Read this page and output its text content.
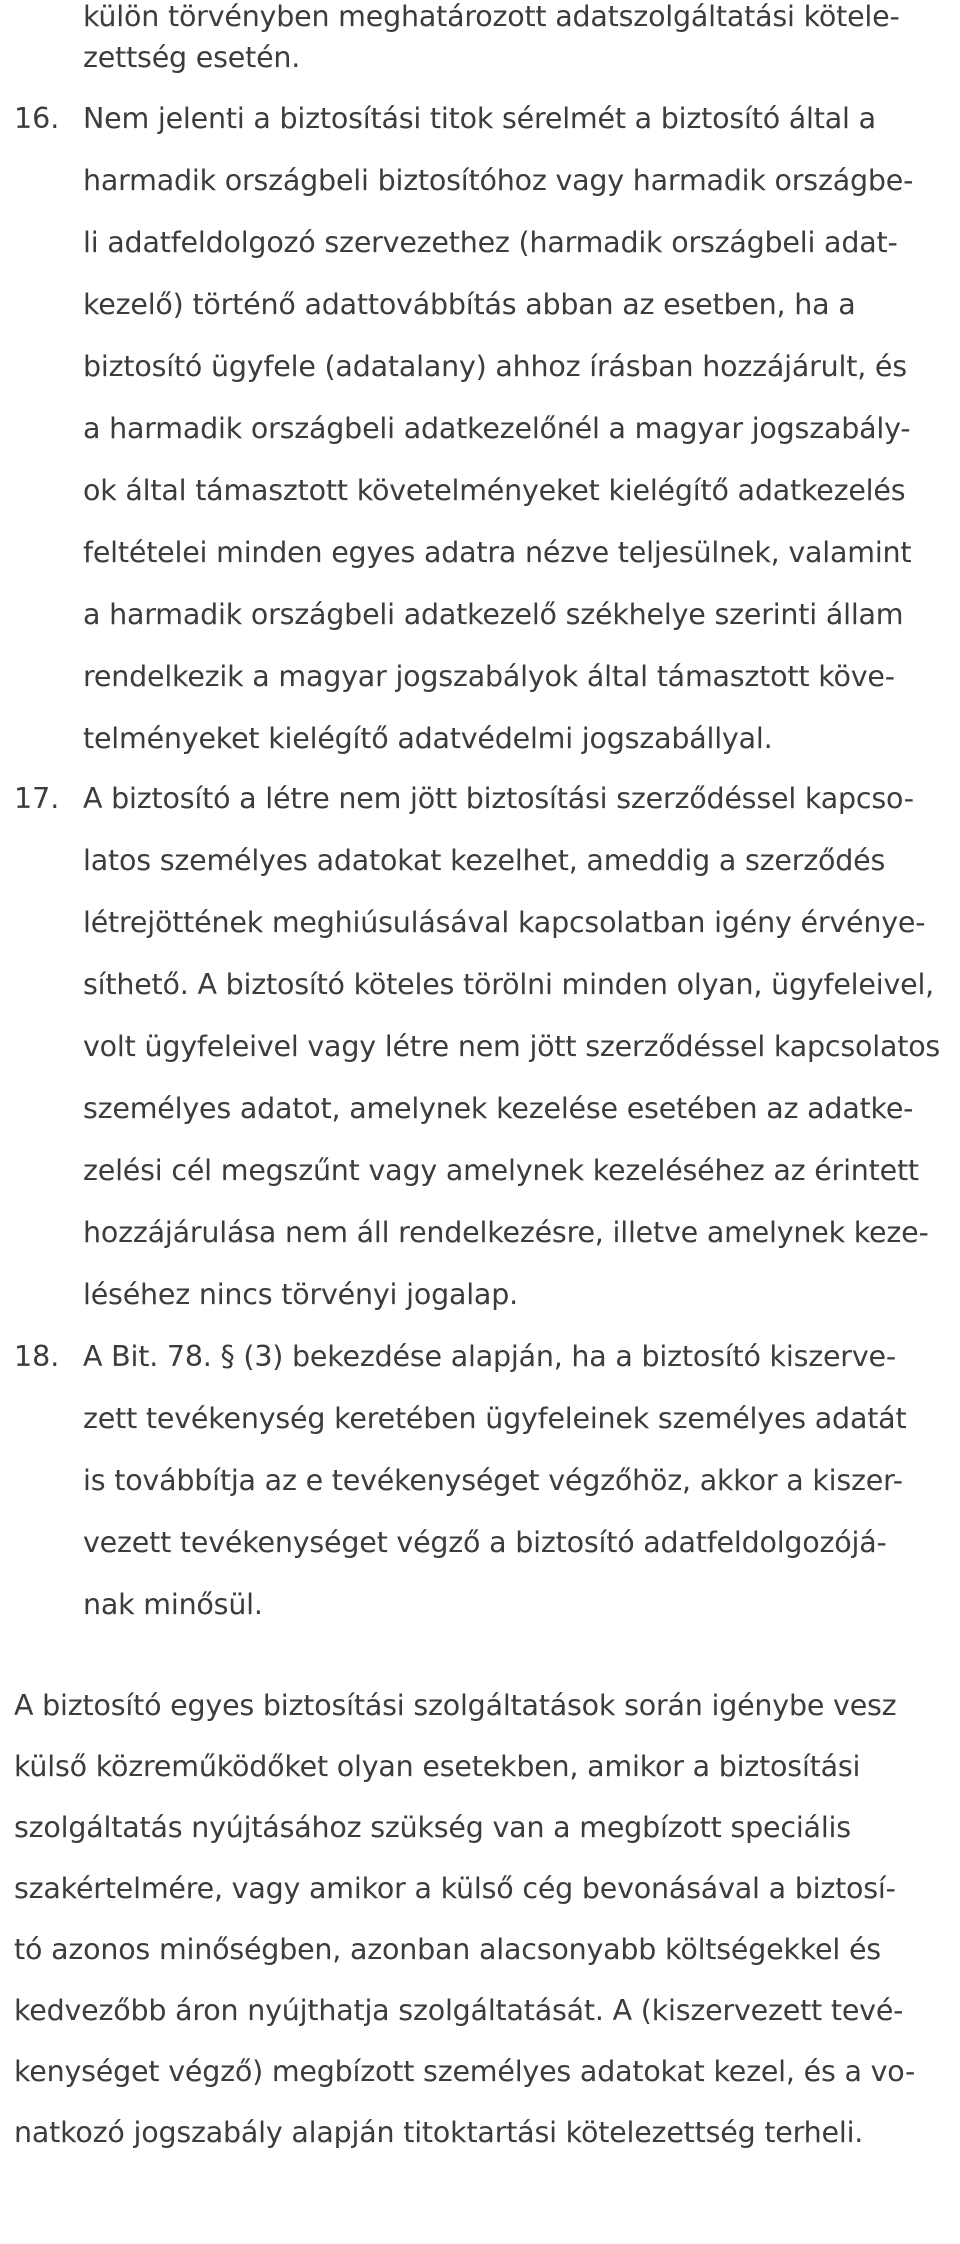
külön törvényben meghatározott adatszolgáltatási kötele-
zettség esetén.
16. Nem jelenti a biztosítási titok sérelmét a biztosító által a
harmadik országbeli biztosítóhoz vagy harmadik országbe-
li adatfeldolgozó szervezethez (harmadik országbeli adat-
kezelő) történő adattovábbítás abban az esetben, ha a
biztosító ügyfele (adatalany) ahhoz írásban hozzájárult, és
a harmadik országbeli adatkezelőnél a magyar jogszabály-
ok által támasztott követelményeket kielégítő adatkezelés
feltételei minden egyes adatra nézve teljesülnek, valamint
a harmadik országbeli adatkezelő székhelye szerinti állam
rendelkezik a magyar jogszabályok által támasztott köve-
telményeket kielégítő adatvédelmi jogszabállyal.
17. A biztosító a létre nem jött biztosítási szerződéssel kapcso-
latos személyes adatokat kezelhet, ameddig a szerződés
létrejöttének meghiúsulásával kapcsolatban igény érvénye-
síthető. A biztosító köteles törölni minden olyan, ügyfeleivel,
volt ügyfeleivel vagy létre nem jött szerződéssel kapcsolatos
személyes adatot, amelynek kezelése esetében az adatke-
zelési cél megszűnt vagy amelynek kezeléséhez az érintett
hozzájárulása nem áll rendelkezésre, illetve amelynek keze-
léséhez nincs törvényi jogalap.
18. A Bit. 78. § (3) bekezdése alapján, ha a biztosító kiszerve-
zett tevékenység keretében ügyfeleinek személyes adatát
is továbbítja az e tevékenységet végzőhöz, akkor a kiszer-
vezett tevékenységet végző a biztosító adatfeldolgozójá-
nak minősül.
A biztosító egyes biztosítási szolgáltatások során igénybe vesz
külső közreműködőket olyan esetekben, amikor a biztosítási
szolgáltatás nyújtásához szükség van a megbízott speciális
szakértelmére, vagy amikor a külső cég bevonásával a biztosí-
tó azonos minőségben, azonban alacsonyabb költségekkel és
kedvezőbb áron nyújthatja szolgáltatását. A (kiszervezett tevé-
kenységet végző) megbízott személyes adatokat kezel, és a vo-
natkozó jogszabály alapján titoktartási kötelezettség terheli.
